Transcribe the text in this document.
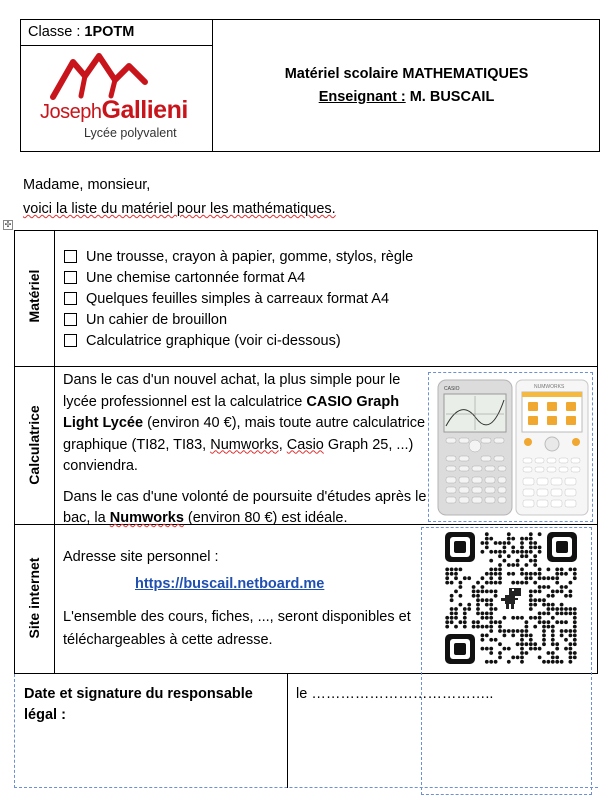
Classe : 1POTM
JosephGallieni
Lycée polyvalent
Matériel scolaire MATHEMATIQUES
Enseignant : M. BUSCAIL
Madame, monsieur,
voici la liste du matériel pour les mathématiques.
✣
Matériel
Une trousse, crayon à papier, gomme, stylos, règle
Une chemise cartonnée format A4
Quelques feuilles simples à carreaux format A4
Un cahier de brouillon
Calculatrice graphique (voir ci-dessous)
Calculatrice
Dans le cas d'un nouvel achat, la plus simple pour le lycée professionnel est la calculatrice CASIO Graph Light Lycée (environ 40 €), mais toute autre calculatrice graphique (TI82, TI83, Numworks, Casio Graph 25, ...) conviendra.
Dans le cas d'une volonté de poursuite d'études après le bac, la Numworks (environ 80 €) est idéale.
CASIO	NUMWORKS
Site internet
Adresse site personnel :
https://buscail.netboard.me
L'ensemble des cours, fiches, ..., seront disponibles et téléchargeables à cette adresse.
Date et signature du responsable légal :
le ………………………………..
